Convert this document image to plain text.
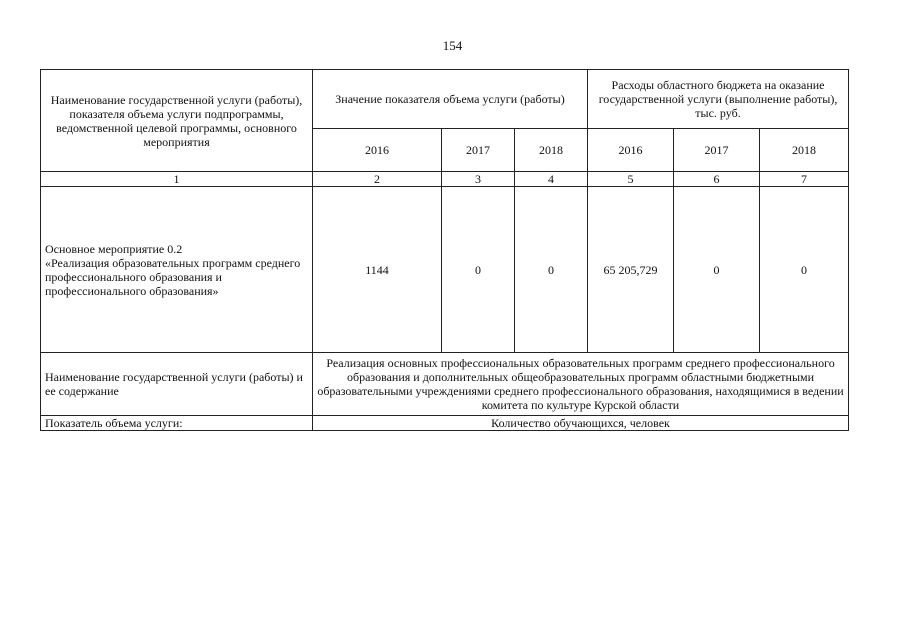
154
Наименование государственной услуги (работы), показателя объема услуги подпрограммы, ведомственной целевой программы, основного мероприятия	Значение показателя объема услуги (работы)			Расходы областного бюджета на оказание государственной услуги (выполнение работы), тыс. руб.		
	2016	2017	2018	2016	2017	2018
1	2	3	4	5	6	7

Основное мероприятие 0.2
«Реализация образовательных программ среднего профессионального образования и профессионального образования»	1144	0	0	65 205,729	0	0
Наименование государственной услуги (работы) и ее содержание	Реализация основных профессиональных образовательных программ среднего профессионального образования и дополнительных общеобразовательных программ областными бюджетными образовательными учреждениями среднего профессионального образования, находящимися в ведении комитета по культуре Курской области					
Показатель объема услуги:	Количество обучающихся, человек					
